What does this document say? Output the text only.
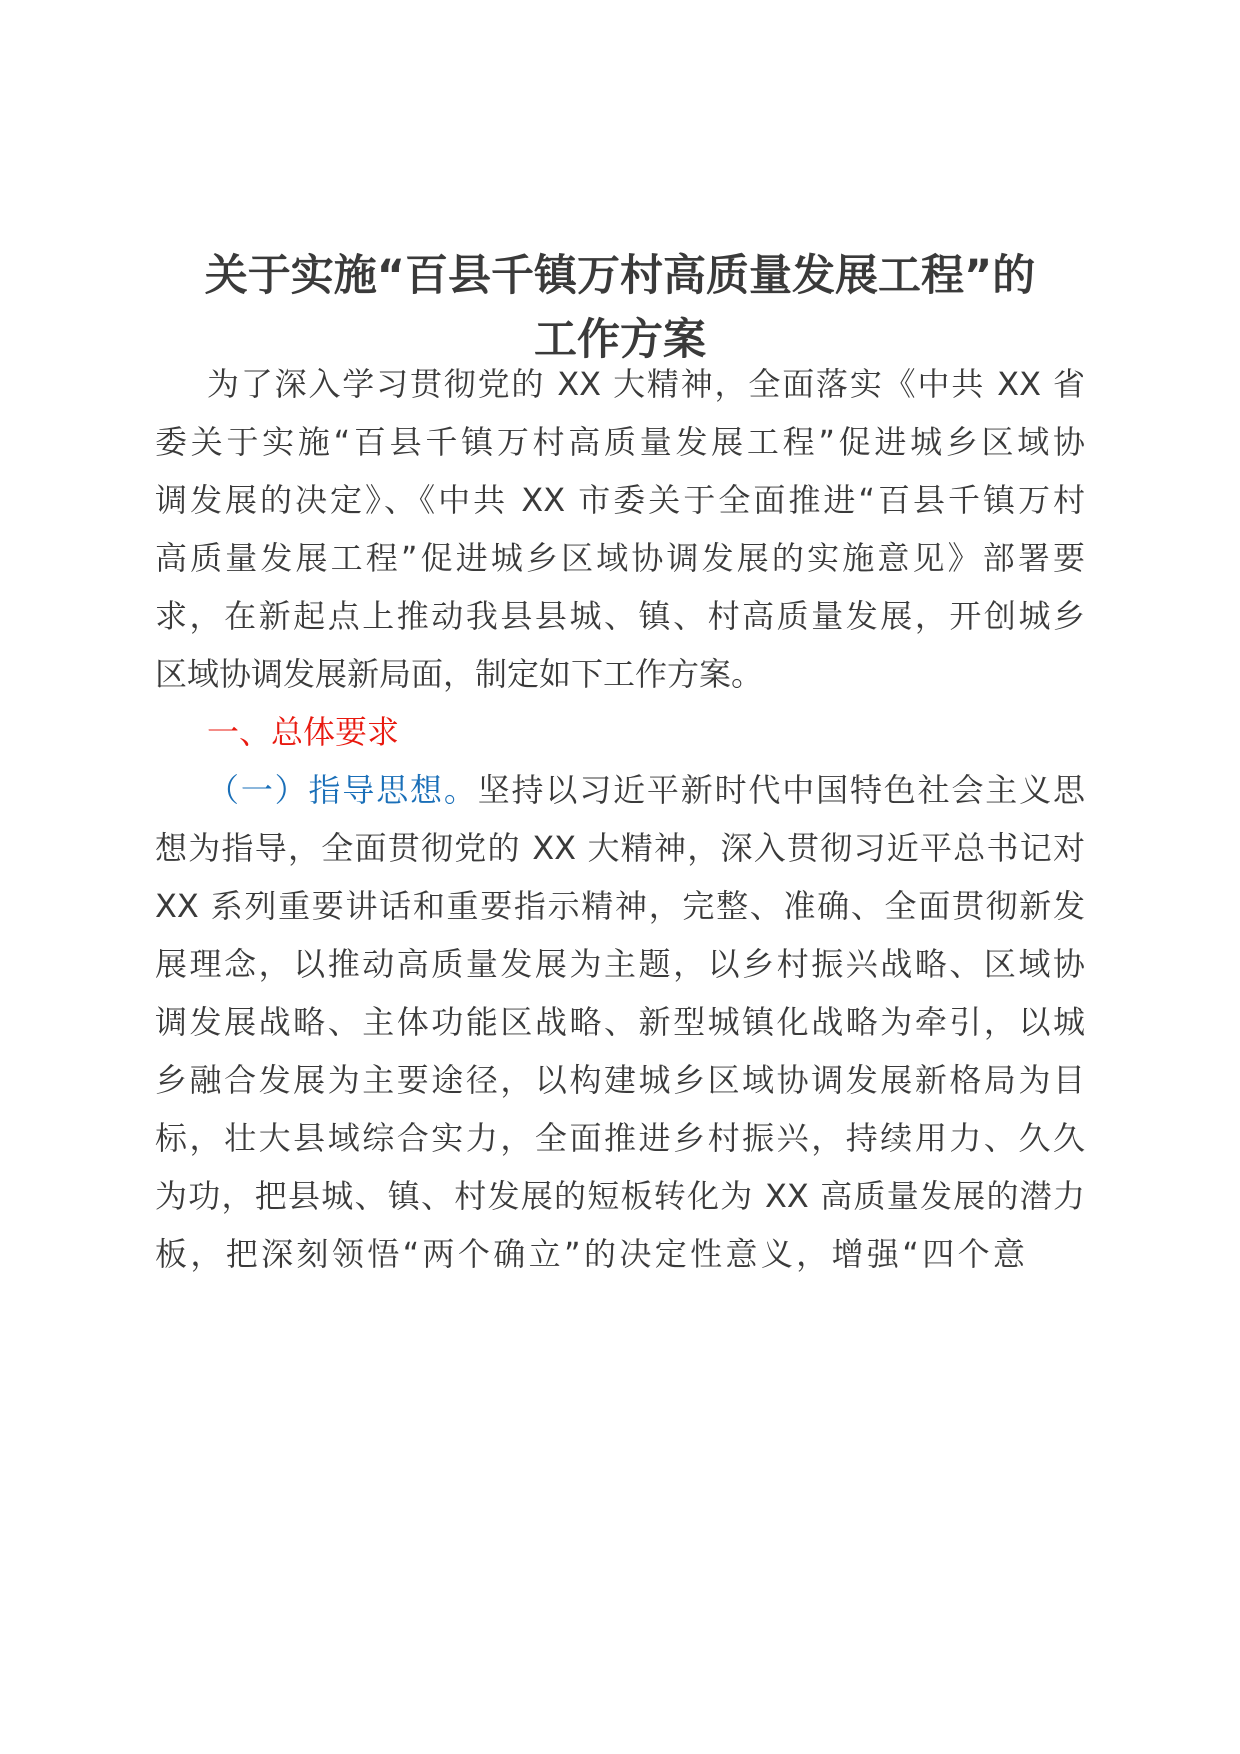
关于实施“百县千镇万村高质量发展工程”的
工作方案
为了深入学习贯彻党的 XX 大精神，全面落实《中共 XX 省
委关于实施“百县千镇万村高质量发展工程”促进城乡区域协
调发展的决定》、《中共 XX 市委关于全面推进“百县千镇万村
高质量发展工程”促进城乡区域协调发展的实施意见》部署要
求，在新起点上推动我县县城、镇、村高质量发展，开创城乡
区域协调发展新局面，制定如下工作方案。
一、总体要求
（一）指导思想。坚持以习近平新时代中国特色社会主义思
想为指导，全面贯彻党的 XX 大精神，深入贯彻习近平总书记对
XX 系列重要讲话和重要指示精神，完整、准确、全面贯彻新发
展理念，以推动高质量发展为主题，以乡村振兴战略、区域协
调发展战略、主体功能区战略、新型城镇化战略为牵引，以城
乡融合发展为主要途径，以构建城乡区域协调发展新格局为目
标，壮大县域综合实力，全面推进乡村振兴，持续用力、久久
为功，把县城、镇、村发展的短板转化为 XX 高质量发展的潜力
板，把深刻领悟“两个确立”的决定性意义，增强“四个意
